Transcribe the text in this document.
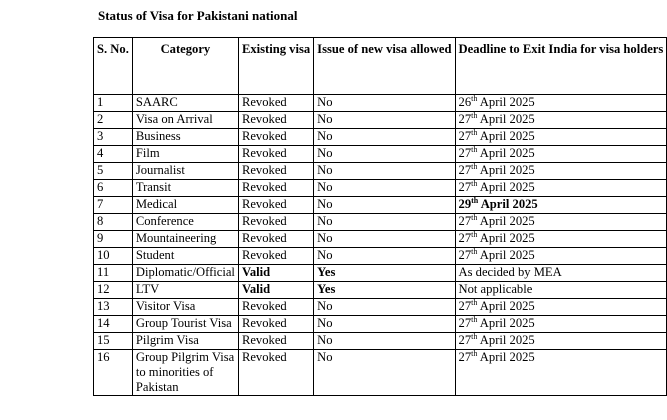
Status of Visa for Pakistani national
S. No.	Category	Existing visa	Issue of new visa allowed	Deadline to Exit India for visa holders
1	SAARC	Revoked	No	26th April 2025
2	Visa on Arrival	Revoked	No	27th April 2025
3	Business	Revoked	No	27th April 2025
4	Film	Revoked	No	27th April 2025
5	Journalist	Revoked	No	27th April 2025
6	Transit	Revoked	No	27th April 2025
7	Medical	Revoked	No	29th April 2025
8	Conference	Revoked	No	27th April 2025
9	Mountaineering	Revoked	No	27th April 2025
10	Student	Revoked	No	27th April 2025
11	Diplomatic/Official	Valid	Yes	As decided by MEA
12	LTV	Valid	Yes	Not applicable
13	Visitor Visa	Revoked	No	27th April 2025
14	Group Tourist Visa	Revoked	No	27th April 2025
15	Pilgrim Visa	Revoked	No	27th April 2025
16	Group Pilgrim Visa to minorities of Pakistan	Revoked	No	27th April 2025
